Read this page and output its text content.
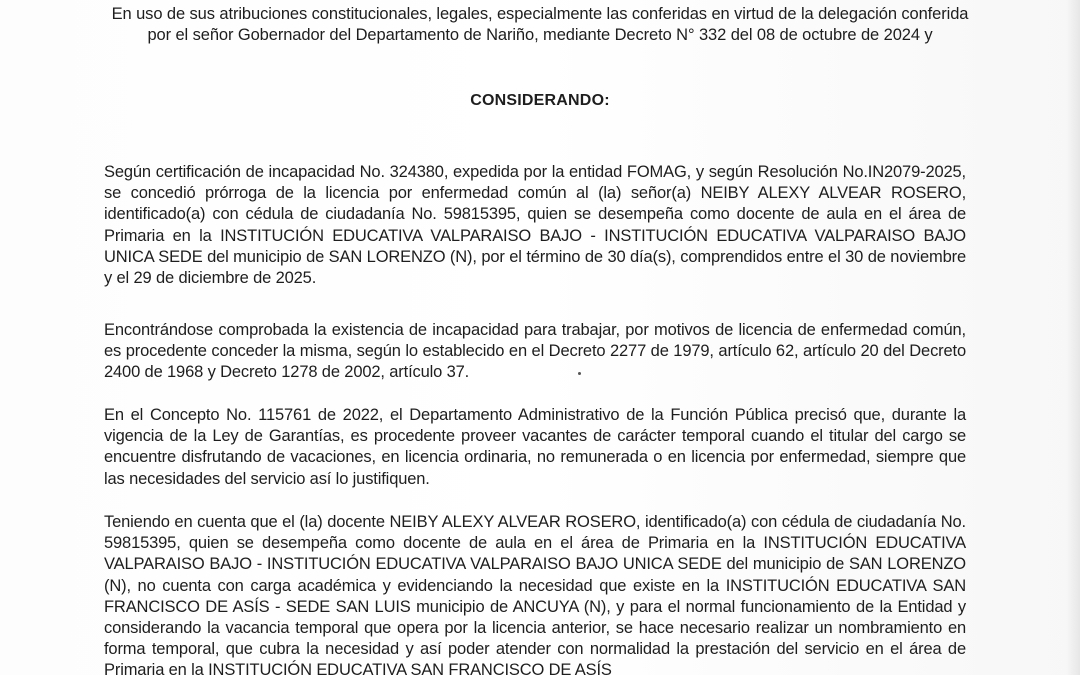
En uso de sus atribuciones constitucionales, legales, especialmente las conferidas en virtud de la delegación conferida
por el señor Gobernador del Departamento de Nariño, mediante Decreto N° 332 del 08 de octubre de 2024 y
CONSIDERANDO:
Según certificación de incapacidad No. 324380, expedida por la entidad FOMAG, y según Resolución No.IN2079-2025, se concedió prórroga de la licencia por enfermedad común al (la) señor(a) NEIBY ALEXY ALVEAR ROSERO, identificado(a) con cédula de ciudadanía No. 59815395, quien se desempeña como docente de aula en el área de Primaria en la INSTITUCIÓN EDUCATIVA VALPARAISO BAJO - INSTITUCIÓN EDUCATIVA VALPARAISO BAJO UNICA SEDE del municipio de SAN LORENZO (N), por el término de 30 día(s), comprendidos entre el 30 de noviembre y el 29 de diciembre de 2025.
Encontrándose comprobada la existencia de incapacidad para trabajar, por motivos de licencia de enfermedad común, es procedente conceder la misma, según lo establecido en el Decreto 2277 de 1979, artículo 62, artículo 20 del Decreto 2400 de 1968 y Decreto 1278 de 2002, artículo 37.
En el Concepto No. 115761 de 2022, el Departamento Administrativo de la Función Pública precisó que, durante la vigencia de la Ley de Garantías, es procedente proveer vacantes de carácter temporal cuando el titular del cargo se encuentre disfrutando de vacaciones, en licencia ordinaria, no remunerada o en licencia por enfermedad, siempre que las necesidades del servicio así lo justifiquen.
Teniendo en cuenta que el (la) docente NEIBY ALEXY ALVEAR ROSERO, identificado(a) con cédula de ciudadanía No. 59815395, quien se desempeña como docente de aula en el área de Primaria en la INSTITUCIÓN EDUCATIVA VALPARAISO BAJO - INSTITUCIÓN EDUCATIVA VALPARAISO BAJO UNICA SEDE del municipio de SAN LORENZO (N), no cuenta con carga académica y evidenciando la necesidad que existe en la INSTITUCIÓN EDUCATIVA SAN FRANCISCO DE ASÍS - SEDE SAN LUIS municipio de ANCUYA (N), y para el normal funcionamiento de la Entidad y considerando la vacancia temporal que opera por la licencia anterior, se hace necesario realizar un nombramiento en forma temporal, que cubra la necesidad y así poder atender con normalidad la prestación del servicio en el área de Primaria en la INSTITUCIÓN EDUCATIVA SAN FRANCISCO DE ASÍS
